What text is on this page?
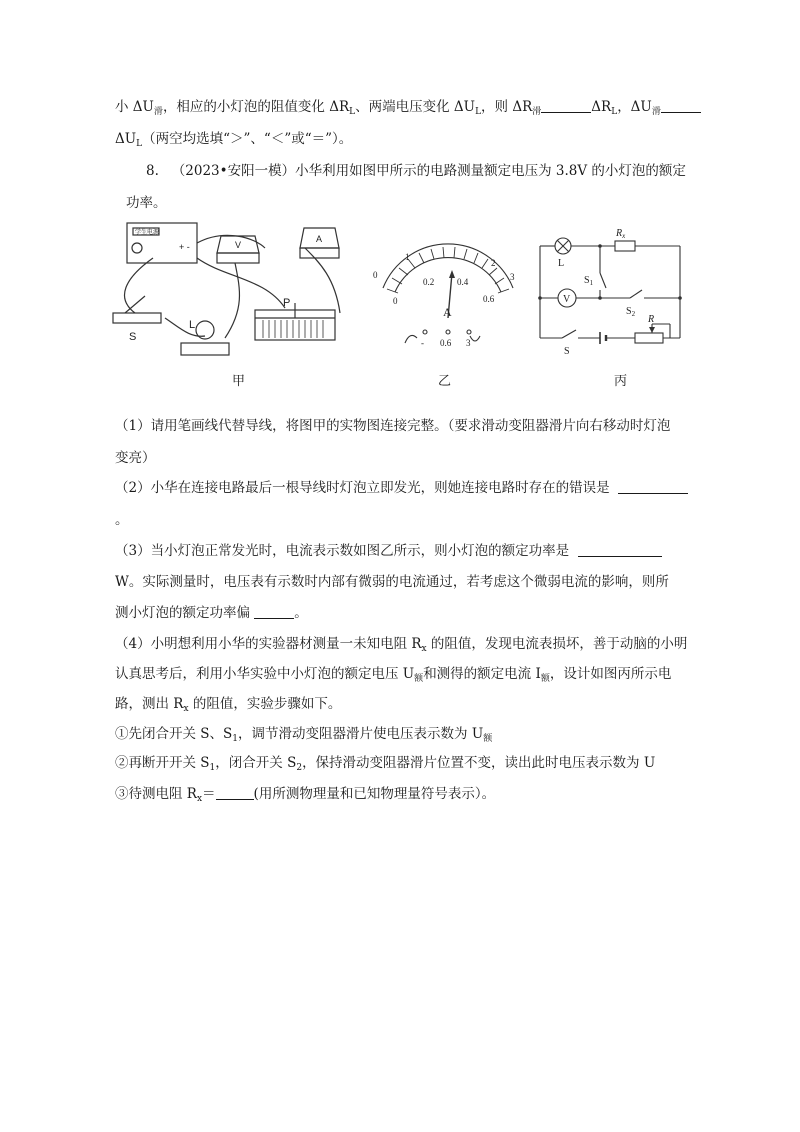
小 $\Delta U_滑$，相应的小灯泡的阻值变化 $\Delta R_L$、两端电压变化 $\Delta U_L$，则 $\Delta R_滑$	$\Delta R_L$，$\Delta U_滑$
$\Delta U_L$（两空均选填“＞”、“＜”或“＝”）。
8. （2023•安阳一模）小华利用如图甲所示的电路测量额定电压为 3.8V 的小灯泡的额定
功率。
学生电源
+ -	V
A
S
L
P
甲
1
2
3
0
0
0.2	0.4
0.6
A
- 0.6 3
乙
L
$R_x$
$S_1$
V
$S_2$ R
S
丙
（1）请用笔画线代替导线，将图甲的实物图连接完整。（要求滑动变阻器滑片向右移动时灯泡
变亮）
（2）小华在连接电路最后一根导线时灯泡立即发光，则她连接电路时存在的错误是
。
（3）当小灯泡正常发光时，电流表示数如图乙所示，则小灯泡的额定功率是
W。实际测量时，电压表有示数时内部有微弱的电流通过，若考虑这个微弱电流的影响，则所
测小灯泡的额定功率偏	。
（4）小明想利用小华的实验器材测量一未知电阻 $R_x$ 的阻值，发现电流表损坏，善于动脑的小明
认真思考后，利用小华实验中小灯泡的额定电压 $U_额$和测得的额定电流 $I_额$，设计如图丙所示电
路，测出 $R_x$ 的阻值，实验步骤如下。
①先闭合开关 S、$S_1$，调节滑动变阻器滑片使电压表示数为 $U_额$
②再断开开关 $S_1$，闭合开关 $S_2$，保持滑动变阻器滑片位置不变，读出此时电压表示数为 U
③待测电阻 $R_x=$	(用所测物理量和已知物理量符号表示）。
